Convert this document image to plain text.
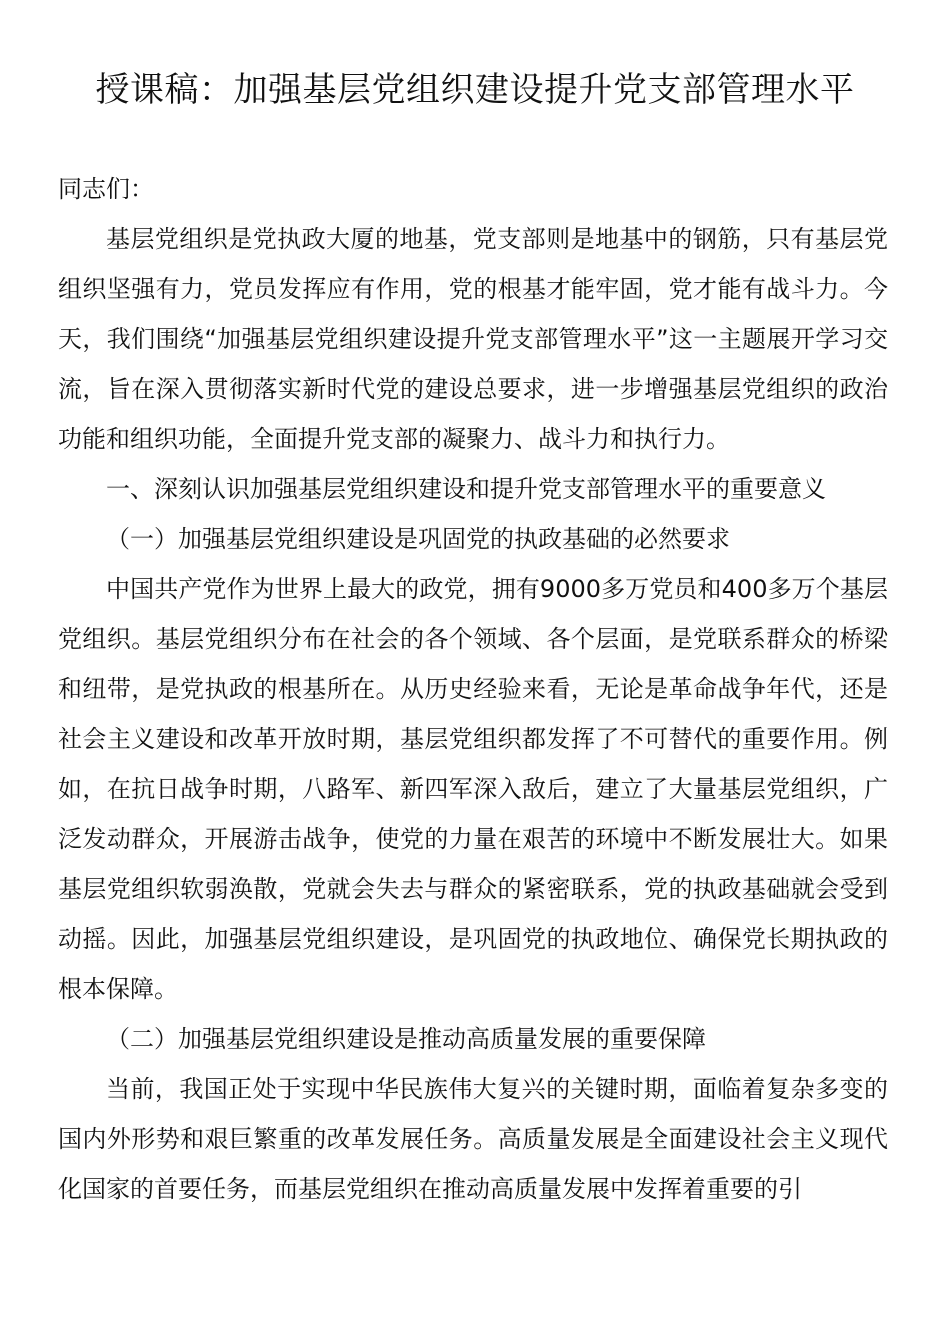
授课稿：加强基层党组织建设提升党支部管理水平

同志们：

基层党组织是党执政大厦的地基，党支部则是地基中的钢筋，只有基层党组织坚强有力，党员发挥应有作用，党的根基才能牢固，党才能有战斗力。今天，我们围绕“加强基层党组织建设提升党支部管理水平”这一主题展开学习交流，旨在深入贯彻落实新时代党的建设总要求，进一步增强基层党组织的政治功能和组织功能，全面提升党支部的凝聚力、战斗力和执行力。

一、深刻认识加强基层党组织建设和提升党支部管理水平的重要意义

（一）加强基层党组织建设是巩固党的执政基础的必然要求

中国共产党作为世界上最大的政党，拥有9000多万党员和400多万个基层党组织。基层党组织分布在社会的各个领域、各个层面，是党联系群众的桥梁和纽带，是党执政的根基所在。从历史经验来看，无论是革命战争年代，还是社会主义建设和改革开放时期，基层党组织都发挥了不可替代的重要作用。例如，在抗日战争时期，八路军、新四军深入敌后，建立了大量基层党组织，广泛发动群众，开展游击战争，使党的力量在艰苦的环境中不断发展壮大。如果基层党组织软弱涣散，党就会失去与群众的紧密联系，党的执政基础就会受到动摇。因此，加强基层党组织建设，是巩固党的执政地位、确保党长期执政的根本保障。

（二）加强基层党组织建设是推动高质量发展的重要保障

当前，我国正处于实现中华民族伟大复兴的关键时期，面临着复杂多变的国内外形势和艰巨繁重的改革发展任务。高质量发展是全面建设社会主义现代化国家的首要任务，而基层党组织在推动高质量发展中发挥着重要的引
